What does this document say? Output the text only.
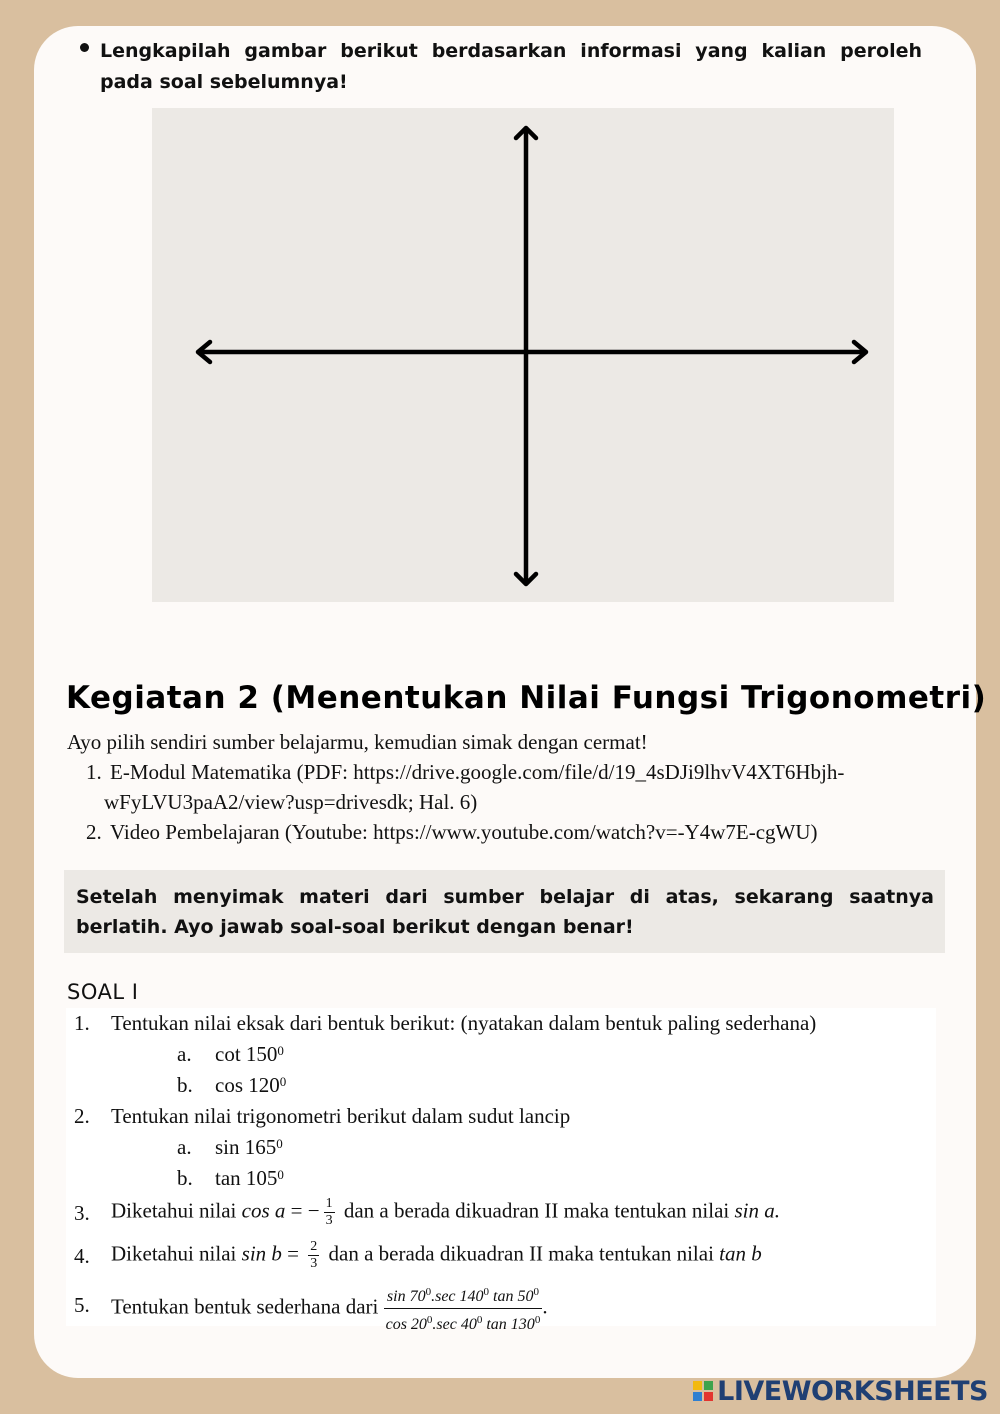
Lengkapilah gambar berikut berdasarkan informasi yang kalian peroleh pada soal sebelumnya!
Kegiatan 2 (Menentukan Nilai Fungsi Trigonometri)
Ayo pilih sendiri sumber belajarmu, kemudian simak dengan cermat!
1. E-Modul Matematika (PDF: https://drive.google.com/file/d/19_4sDJi9lhvV4XT6Hbjh-
wFyLVU3paA2/view?usp=drivesdk; Hal. 6)
2. Video Pembelajaran (Youtube: https://www.youtube.com/watch?v=-Y4w7E-cgWU)
Setelah menyimak materi dari sumber belajar di atas, sekarang saatnya berlatih. Ayo jawab soal-soal berikut dengan benar!
SOAL I
1. Tentukan nilai eksak dari bentuk berikut: (nyatakan dalam bentuk paling sederhana)
a. $\cot 150^0$
b. $\cos 120^0$
2. Tentukan nilai trigonometri berikut dalam sudut lancip
a. $\sin 165^0$
b. $\tan 105^0$
3. Diketahui nilai cos a = − $\frac{1}{3}$ dan a berada dikuadran II maka tentukan nilai sin a.
4. Diketahui nilai $\sin b = \frac{2}{3}$ dan a berada dikuadran II maka tentukan nilai tan b
5. Tentukan bentuk sederhana dari $\sin 70^0.\sec$ $140^0$ $\tan 50^0$
$\cos 20^0.\sec$ $40^0$ $\tan 130^0$
.
LIVEWORKSHEETS
